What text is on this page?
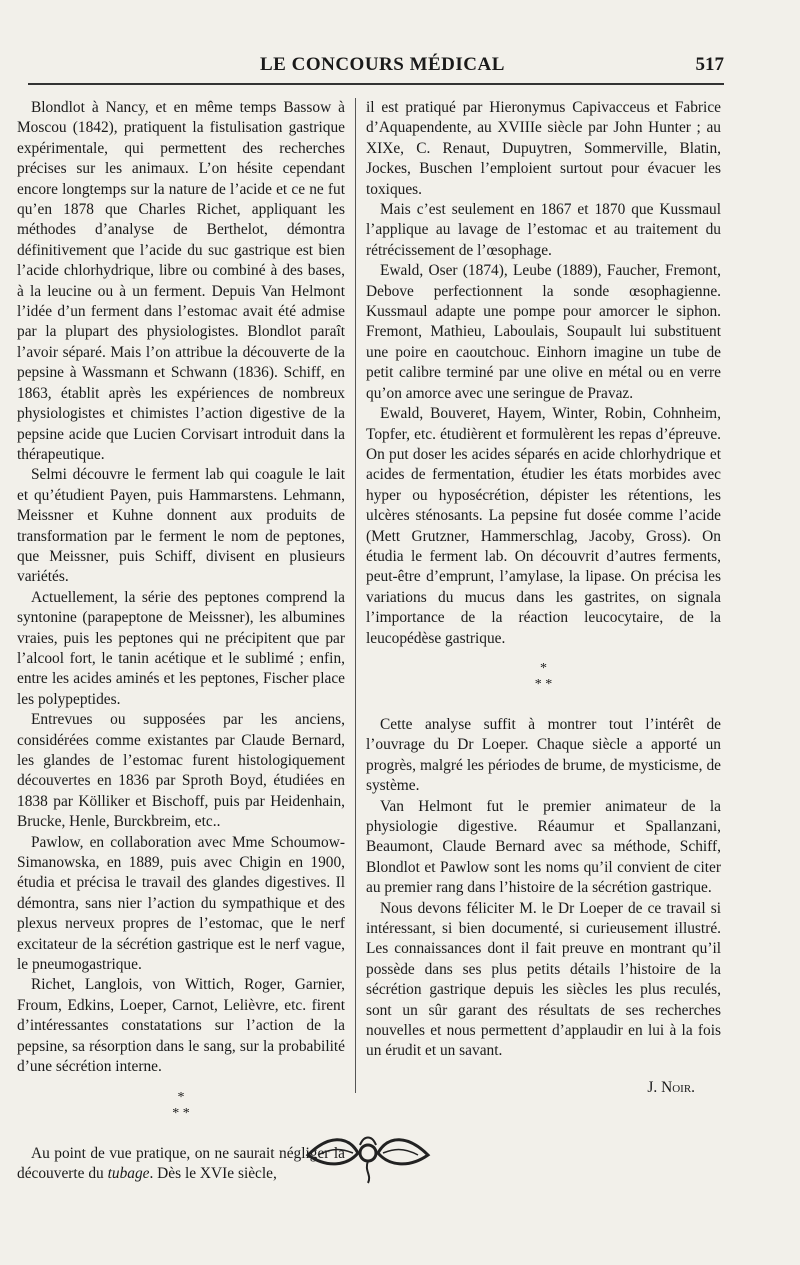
LE CONCOURS MÉDICAL	517

Blondlot à Nancy, et en même temps Bassow à Moscou (1842), pratiquent la fistulisation gastrique expérimentale, qui permettent des recherches précises sur les animaux. L’on hésite cependant encore longtemps sur la nature de l’acide et ce ne fut qu’en 1878 que Charles Richet, appliquant les méthodes d’analyse de Berthelot, démontra définitivement que l’acide du suc gastrique est bien l’acide chlorhydrique, libre ou combiné à des bases, à la leucine ou à un ferment. Depuis Van Helmont l’idée d’un ferment dans l’estomac avait été admise par la plupart des physiologistes. Blondlot paraît l’avoir séparé. Mais l’on attribue la découverte de la pepsine à Wassmann et Schwann (1836). Schiff, en 1863, établit après les expériences de nombreux physiologistes et chimistes l’action digestive de la pepsine acide que Lucien Corvisart introduit dans la thérapeutique.

Selmi découvre le ferment lab qui coagule le lait et qu’étudient Payen, puis Hammarstens. Lehmann, Meissner et Kuhne donnent aux produits de transformation par le ferment le nom de peptones, que Meissner, puis Schiff, divisent en plusieurs variétés.

Actuellement, la série des peptones comprend la syntonine (parapeptone de Meissner), les albumines vraies, puis les peptones qui ne précipitent que par l’alcool fort, le tanin acétique et le sublimé ; enfin, entre les acides aminés et les peptones, Fischer place les polypeptides.

Entrevues ou supposées par les anciens, considérées comme existantes par Claude Bernard, les glandes de l’estomac furent histologiquement découvertes en 1836 par Sproth Boyd, étudiées en 1838 par Kölliker et Bischoff, puis par Heidenhain, Brucke, Henle, Burckbreim, etc..

Pawlow, en collaboration avec Mme Schoumow-Simanowska, en 1889, puis avec Chigin en 1900, étudia et précisa le travail des glandes digestives. Il démontra, sans nier l’action du sympathique et des plexus nerveux propres de l’estomac, que le nerf excitateur de la sécrétion gastrique est le nerf vague, le pneumogastrique.

Richet, Langlois, von Wittich, Roger, Garnier, Froum, Edkins, Loeper, Carnot, Lelièvre, etc. firent d’intéressantes constatations sur l’action de la pepsine, sa résorption dans le sang, sur la probabilité d’une sécrétion interne.

*
* *

Au point de vue pratique, on ne saurait négliger la découverte du tubage. Dès le XVIe siècle,

il est pratiqué par Hieronymus Capivacceus et Fabrice d’Aquapendente, au XVIIIe siècle par John Hunter ; au XIXe, C. Renaut, Dupuytren, Sommerville, Blatin, Jockes, Buschen l’emploient surtout pour évacuer les toxiques.

Mais c’est seulement en 1867 et 1870 que Kussmaul l’applique au lavage de l’estomac et au traitement du rétrécissement de l’œsophage.

Ewald, Oser (1874), Leube (1889), Faucher, Fremont, Debove perfectionnent la sonde œsophagienne. Kussmaul adapte une pompe pour amorcer le siphon. Fremont, Mathieu, Laboulais, Soupault lui substituent une poire en caoutchouc. Einhorn imagine un tube de petit calibre terminé par une olive en métal ou en verre qu’on amorce avec une seringue de Pravaz.

Ewald, Bouveret, Hayem, Winter, Robin, Cohnheim, Topfer, etc. étudièrent et formulèrent les repas d’épreuve. On put doser les acides séparés en acide chlorhydrique et acides de fermentation, étudier les états morbides avec hyper ou hyposécrétion, dépister les rétentions, les ulcères sténosants. La pepsine fut dosée comme l’acide (Mett Grutzner, Hammerschlag, Jacoby, Gross). On étudia le ferment lab. On découvrit d’autres ferments, peut-être d’emprunt, l’amylase, la lipase. On précisa les variations du mucus dans les gastrites, on signala l’importance de la réaction leucocytaire, de la leucopédèse gastrique.

*
* *

Cette analyse suffit à montrer tout l’intérêt de l’ouvrage du Dr Loeper. Chaque siècle a apporté un progrès, malgré les périodes de brume, de mysticisme, de système.

Van Helmont fut le premier animateur de la physiologie digestive. Réaumur et Spallanzani, Beaumont, Claude Bernard avec sa méthode, Schiff, Blondlot et Pawlow sont les noms qu’il convient de citer au premier rang dans l’histoire de la sécrétion gastrique.

Nous devons féliciter M. le Dr Loeper de ce travail si intéressant, si bien documenté, si curieusement illustré. Les connaissances dont il fait preuve en montrant qu’il possède dans ses plus petits détails l’histoire de la sécrétion gastrique depuis les siècles les plus reculés, sont un sûr garant des résultats de ses recherches nouvelles et nous permettent d’applaudir en lui à la fois un érudit et un savant.

J. Noir.
